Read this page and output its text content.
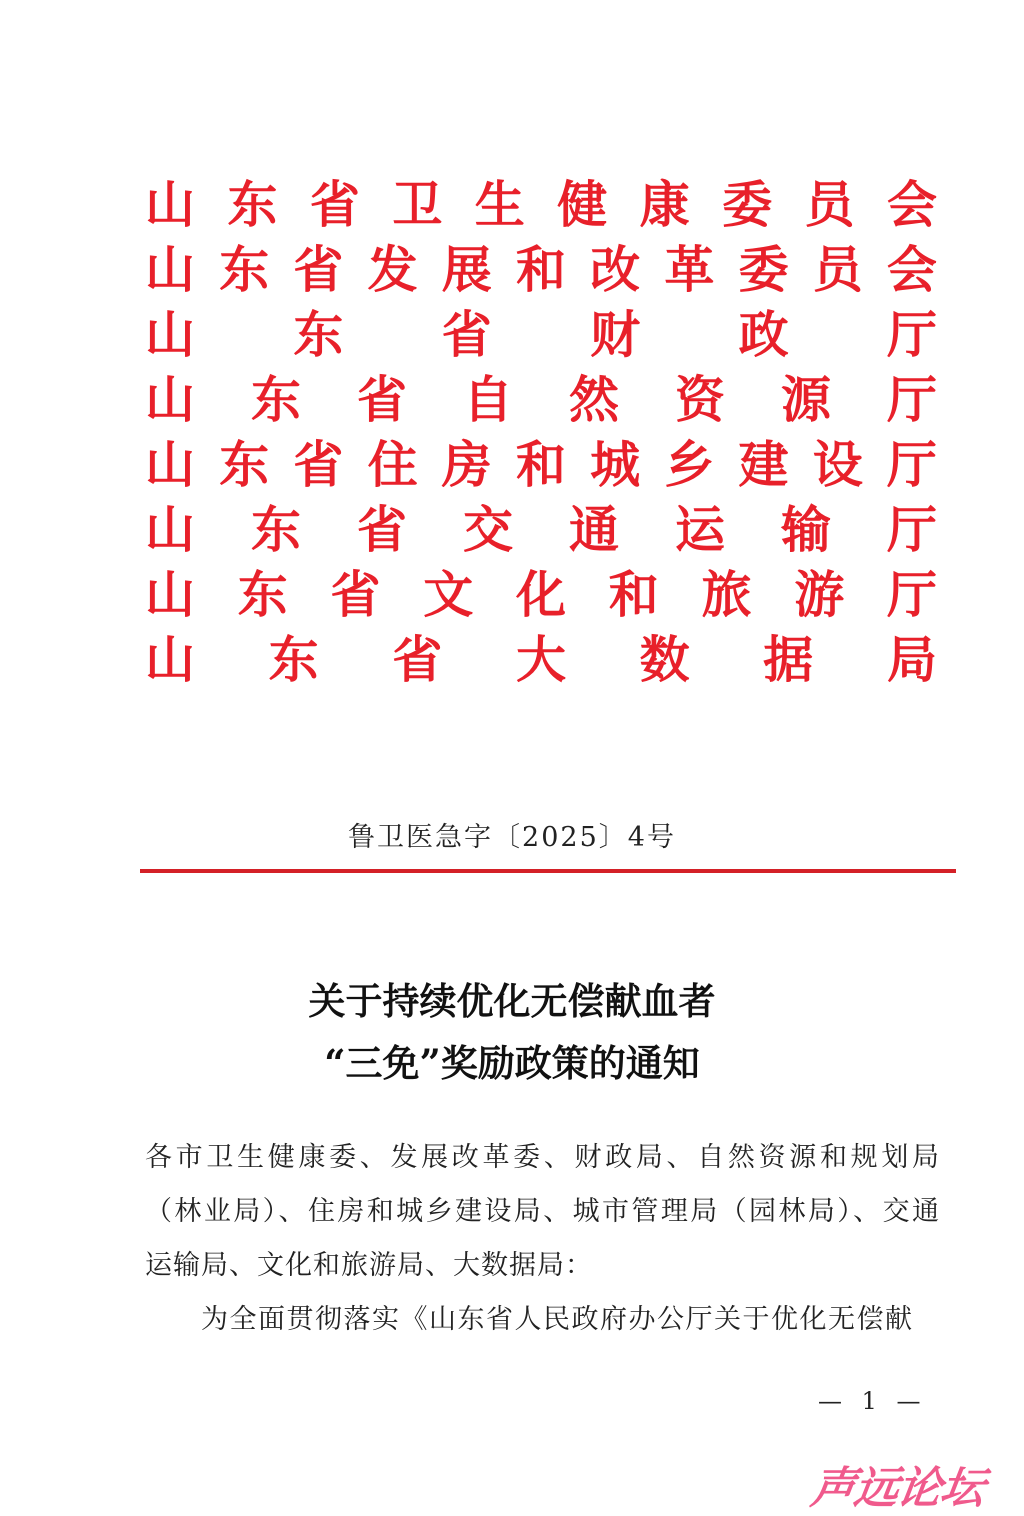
山 东 省 卫 生 健 康 委 员 会
山 东 省 发 展 和 改 革 委 员 会
山 东 省 财 政 厅
山 东 省 自 然 资 源 厅
山 东 省 住 房 和 城 乡 建 设 厅
山 东 省 交 通 运 输 厅
山 东 省 文 化 和 旅 游 厅
山 东 省 大 数 据 局
鲁卫医急字〔2025〕4号
关于持续优化无偿献血者
“三免”奖励政策的通知
各市卫生健康委、发展改革委、财政局、自然资源和规划局
（林业局）、住房和城乡建设局、城市管理局（园林局）、交通
运输局、文化和旅游局、大数据局：
为全面贯彻落实《山东省人民政府办公厅关于优化无偿献
— 1 —
声远论坛
